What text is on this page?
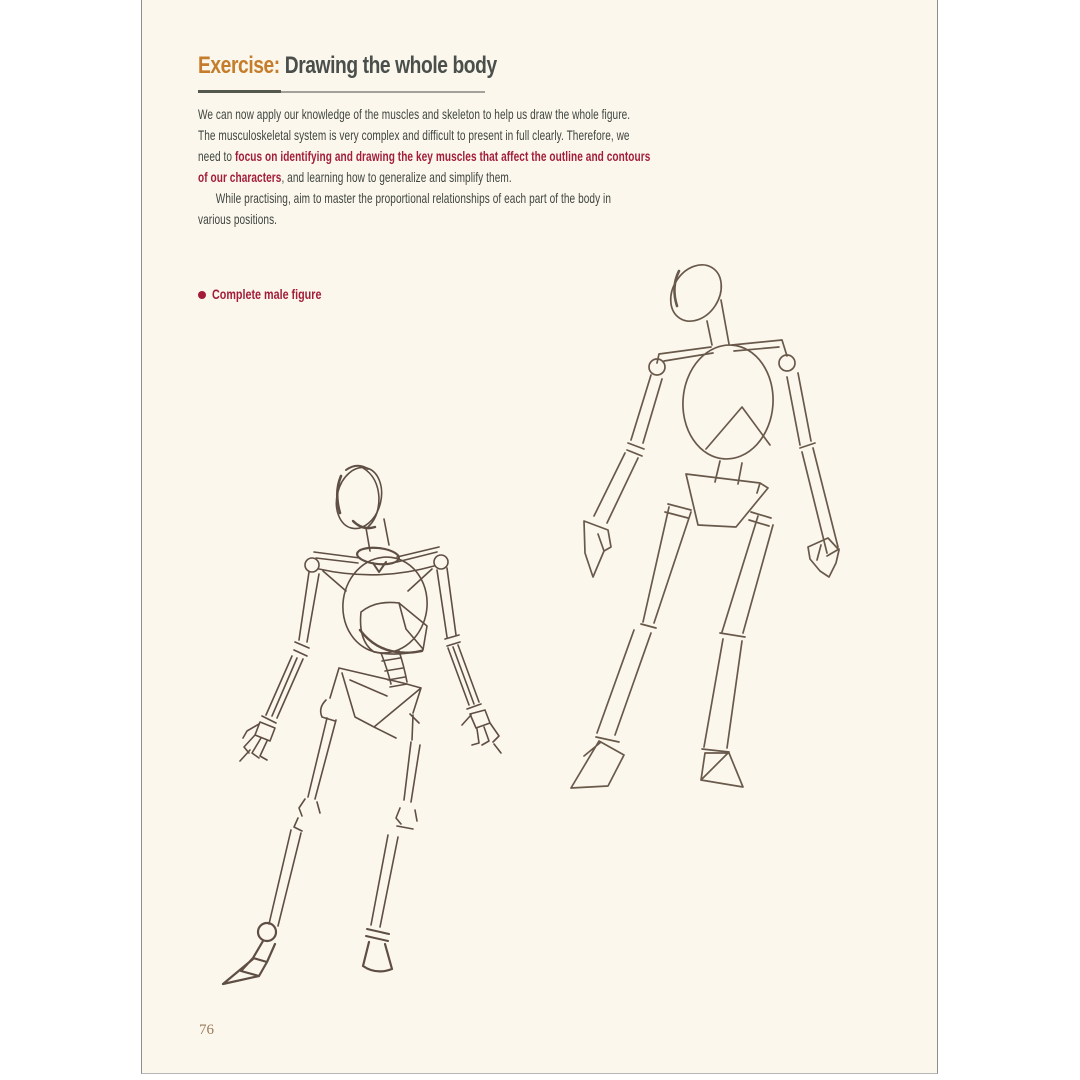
Exercise: Drawing the whole body
We can now apply our knowledge of the muscles and skeleton to help us draw the whole figure.
The musculoskeletal system is very complex and difficult to present in full clearly. Therefore, we
need to focus on identifying and drawing the key muscles that affect the outline and contours
of our characters, and learning how to generalize and simplify them.
While practising, aim to master the proportional relationships of each part of the body in
various positions.
Complete male figure
76
